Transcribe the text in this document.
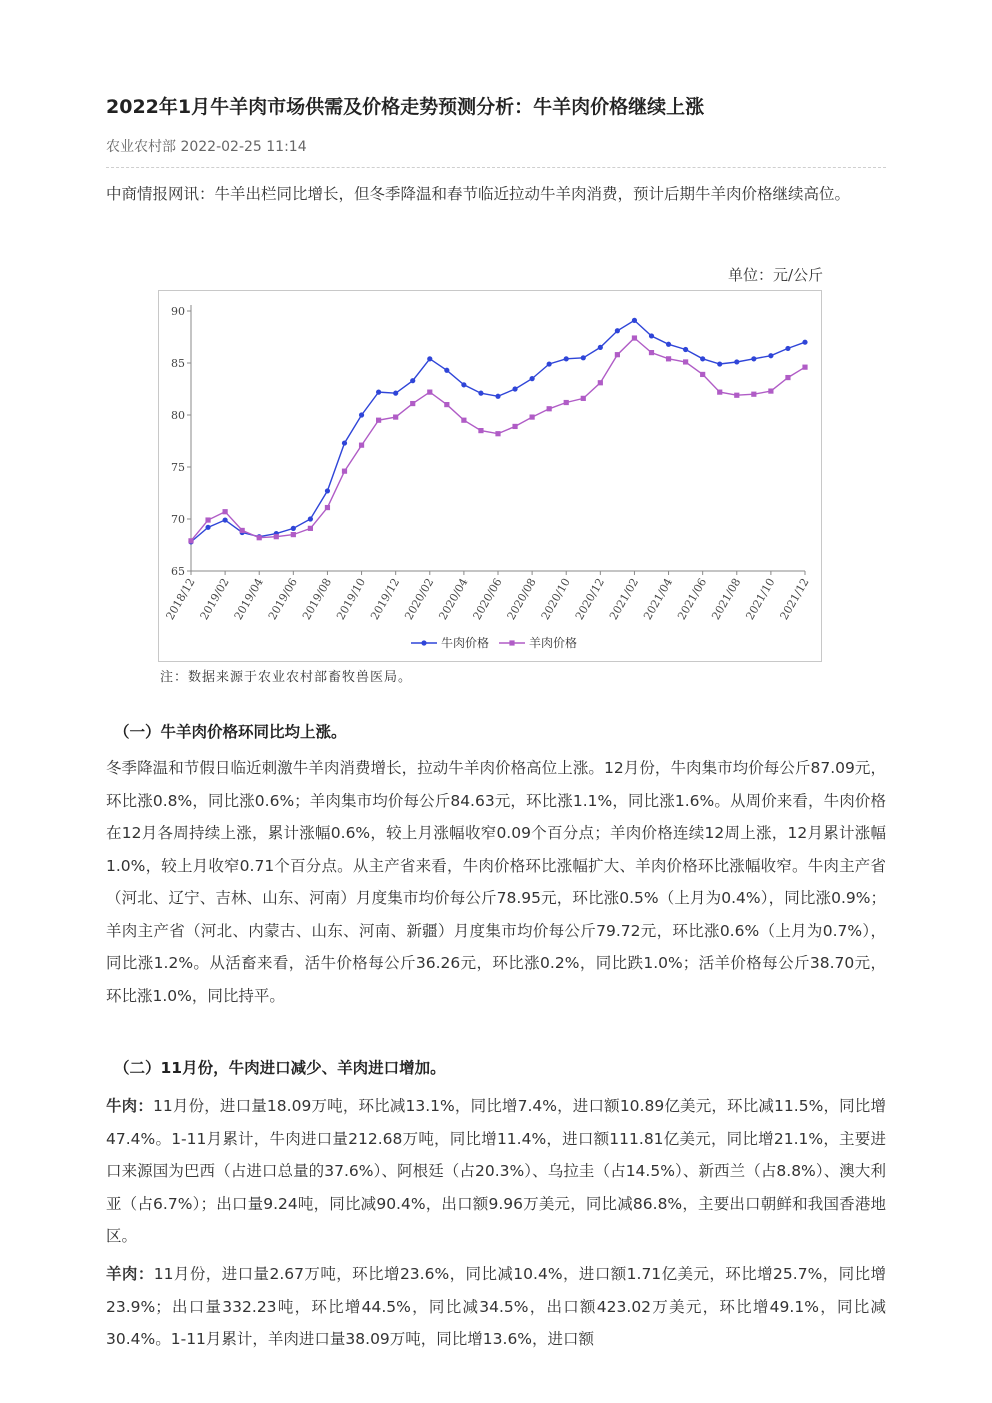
2022年1月牛羊肉市场供需及价格走势预测分析：牛羊肉价格继续上涨
农业农村部 2022-02-25 11:14

中商情报网讯：牛羊出栏同比增长，但冬季降温和春节临近拉动牛羊肉消费，预计后期牛羊肉价格继续高位。

单位：元/公斤
65
70
75
80
85
90
2018/12 2019/02 2019/04 2019/06 2019/08 2019/10 2019/12 2020/02 2020/04 2020/06 2020/08 2020/10 2020/12 2021/02 2021/04 2021/06 2021/08 2021/10 2021/12
牛肉价格	羊肉价格
注：数据来源于农业农村部畜牧兽医局。
（一）牛羊肉价格环同比均上涨。

冬季降温和节假日临近刺激牛羊肉消费增长，拉动牛羊肉价格高位上涨。12月份，牛肉集市均价每公斤87.09元，环比涨0.8%，同比涨0.6%；羊肉集市均价每公斤84.63元，环比涨1.1%，同比涨1.6%。从周价来看，牛肉价格在12月各周持续上涨，累计涨幅0.6%，较上月涨幅收窄0.09个百分点；羊肉价格连续12周上涨，12月累计涨幅1.0%，较上月收窄0.71个百分点。从主产省来看，牛肉价格环比涨幅扩大、羊肉价格环比涨幅收窄。牛肉主产省（河北、辽宁、吉林、山东、河南）月度集市均价每公斤78.95元，环比涨0.5%（上月为0.4%），同比涨0.9%；羊肉主产省（河北、内蒙古、山东、河南、新疆）月度集市均价每公斤79.72元，环比涨0.6%（上月为0.7%），同比涨1.2%。从活畜来看，活牛价格每公斤36.26元，环比涨0.2%，同比跌1.0%；活羊价格每公斤38.70元，环比涨1.0%，同比持平。

（二）11月份，牛肉进口减少、羊肉进口增加。

牛肉：11月份，进口量18.09万吨，环比减13.1%，同比增7.4%，进口额10.89亿美元，环比减11.5%，同比增47.4%。1-11月累计，牛肉进口量212.68万吨，同比增11.4%，进口额111.81亿美元，同比增21.1%，主要进口来源国为巴西（占进口总量的37.6%）、阿根廷（占20.3%）、乌拉圭（占14.5%）、新西兰（占8.8%）、澳大利亚（占6.7%）；出口量9.24吨，同比减90.4%，出口额9.96万美元，同比减86.8%，主要出口朝鲜和我国香港地区。

羊肉：11月份，进口量2.67万吨，环比增23.6%，同比减10.4%，进口额1.71亿美元，环比增25.7%，同比增23.9%；出口量332.23吨，环比增44.5%，同比减34.5%，出口额423.02万美元，环比增49.1%，同比减30.4%。1-11月累计，羊肉进口量38.09万吨，同比增13.6%，进口额
